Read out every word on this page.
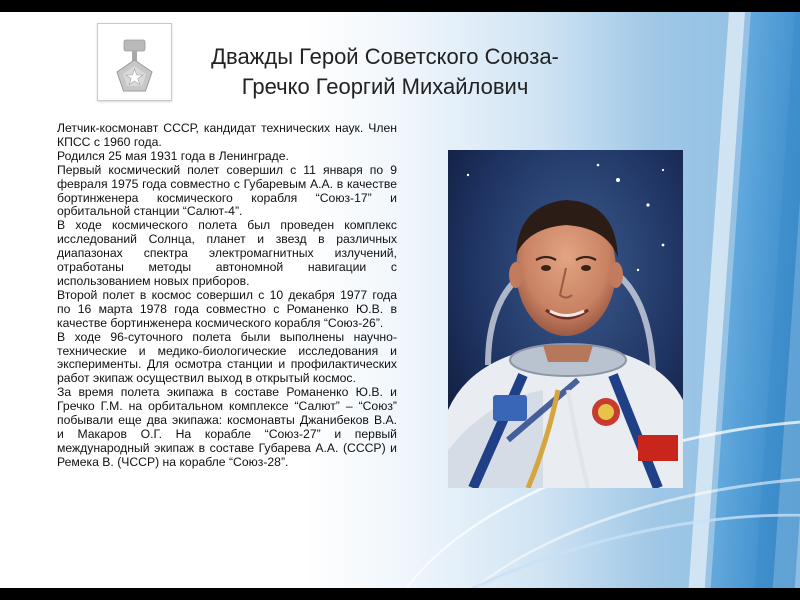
Дважды Герой Советского Союза-
Гречко Георгий Михайлович

Летчик-космонавт СССР, кандидат технических наук. Член КПСС с 1960 года.

Родился 25 мая 1931 года в Ленинграде.

Первый космический полет совершил с 11 января по 9 февраля 1975 года совместно с Губаревым А.А. в качестве бортинженера космического корабля “Союз-17” и орбитальной станции “Салют-4”.

В ходе космического полета был проведен комплекс исследований Солнца, планет и звезд в различных диапазонах спектра электромагнитных излучений, отработаны методы автономной навигации с использованием новых приборов.

Второй полет в космос совершил с 10 декабря 1977 года по 16 марта 1978 года совместно с Романенко Ю.В. в качестве бортинженера космического корабля “Союз-26”.

В ходе 96-суточного полета были выполнены научно-технические и медико-биологические исследования и эксперименты. Для осмотра станции и профилактических работ экипаж осуществил выход в открытый космос.

За время полета экипажа в составе Романенко Ю.В. и Гречко Г.М. на орбитальном комплексе “Салют” – “Союз” побывали еще два экипажа: космонавты Джанибеков В.А. и Макаров О.Г. На корабле “Союз-27” и первый международный экипаж в составе Губарева А.А. (СССР) и Ремека В. (ЧССР) на корабле “Союз-28”.
